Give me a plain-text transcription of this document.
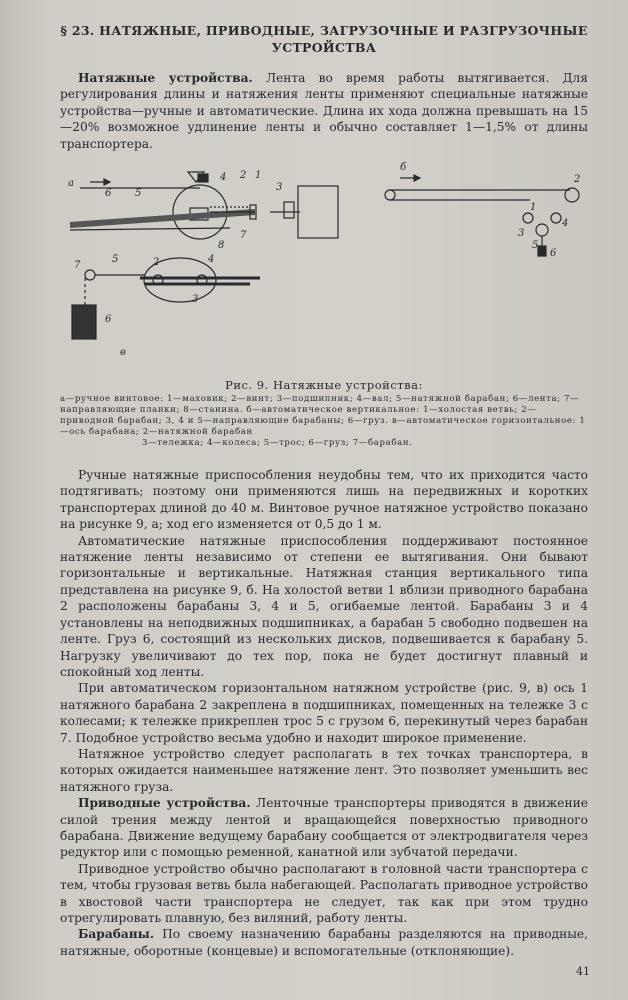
§ 23. НАТЯЖНЫЕ, ПРИВОДНЫЕ, ЗАГРУЗОЧНЫЕ И РАЗГРУЗОЧНЫЕ УСТРОЙСТВА

Натяжные устройства. Лента во время работы вытягивается. Для регулирования длины и натяжения ленты применяют специальные натяжные устройства—ручные и автоматические. Длина их хода должна превышать на 15—20% возможное удлинение ленты и обычно составляет 1—1,5% от длины транспортера.

а
б
в
6 5
4 2 1
3
7
8
1
2
3
4
5
6
7
5	2	4
3
6
Рис. 9. Натяжные устройства:

а—ручное винтовое: 1—маховик; 2—винт; 3—подшипник; 4—вал; 5—натяжной барабан; 6—лента; 7—направляющие планки; 8—станина. б—автоматическое вертикальное: 1—холостая ветвь; 2—приводной барабан; 3, 4 и 5—направляющие барабаны; 6—груз. в—автоматическое горизонтальное: 1—ось барабана; 2—натяжной барабан
3—тележка; 4—колеса; 5—трос; 6—груз; 7—барабан.

Ручные натяжные приспособления неудобны тем, что их приходится часто подтягивать; поэтому они применяются лишь на передвижных и коротких транспортерах длиной до 40 м. Винтовое ручное натяжное устройство показано на рисунке 9, а; ход его изменяется от 0,5 до 1 м.

Автоматические натяжные приспособления поддерживают постоянное натяжение ленты независимо от степени ее вытягивания. Они бывают горизонтальные и вертикальные. Натяжная станция вертикального типа представлена на рисунке 9, б. На холостой ветви 1 вблизи приводного барабана 2 расположены барабаны 3, 4 и 5, огибаемые лентой. Барабаны 3 и 4 установлены на неподвижных подшипниках, а барабан 5 свободно подвешен на ленте. Груз 6, состоящий из нескольких дисков, подвешивается к барабану 5. Нагрузку увеличивают до тех пор, пока не будет достигнут плавный и спокойный ход ленты.

При автоматическом горизонтальном натяжном устройстве (рис. 9, в) ось 1 натяжного барабана 2 закреплена в подшипниках, помещенных на тележке 3 с колесами; к тележке прикреплен трос 5 с грузом 6, перекинутый через барабан 7. Подобное устройство весьма удобно и находит широкое применение.

Натяжное устройство следует располагать в тех точках транспортера, в которых ожидается наименьшее натяжение лент. Это позволяет уменьшить вес натяжного груза.

Приводные устройства. Ленточные транспортеры приводятся в движение силой трения между лентой и вращающейся поверхностью приводного барабана. Движение ведущему барабану сообщается от электродвигателя через редуктор или с помощью ременной, канатной или зубчатой передачи.

Приводное устройство обычно располагают в головной части транспортера с тем, чтобы грузовая ветвь была набегающей. Располагать приводное устройство в хвостовой части транспортера не следует, так как при этом трудно отрегулировать плавную, без виляний, работу ленты.

Барабаны. По своему назначению барабаны разделяются на приводные, натяжные, оборотные (концевые) и вспомогательные (отклоняющие).

41
